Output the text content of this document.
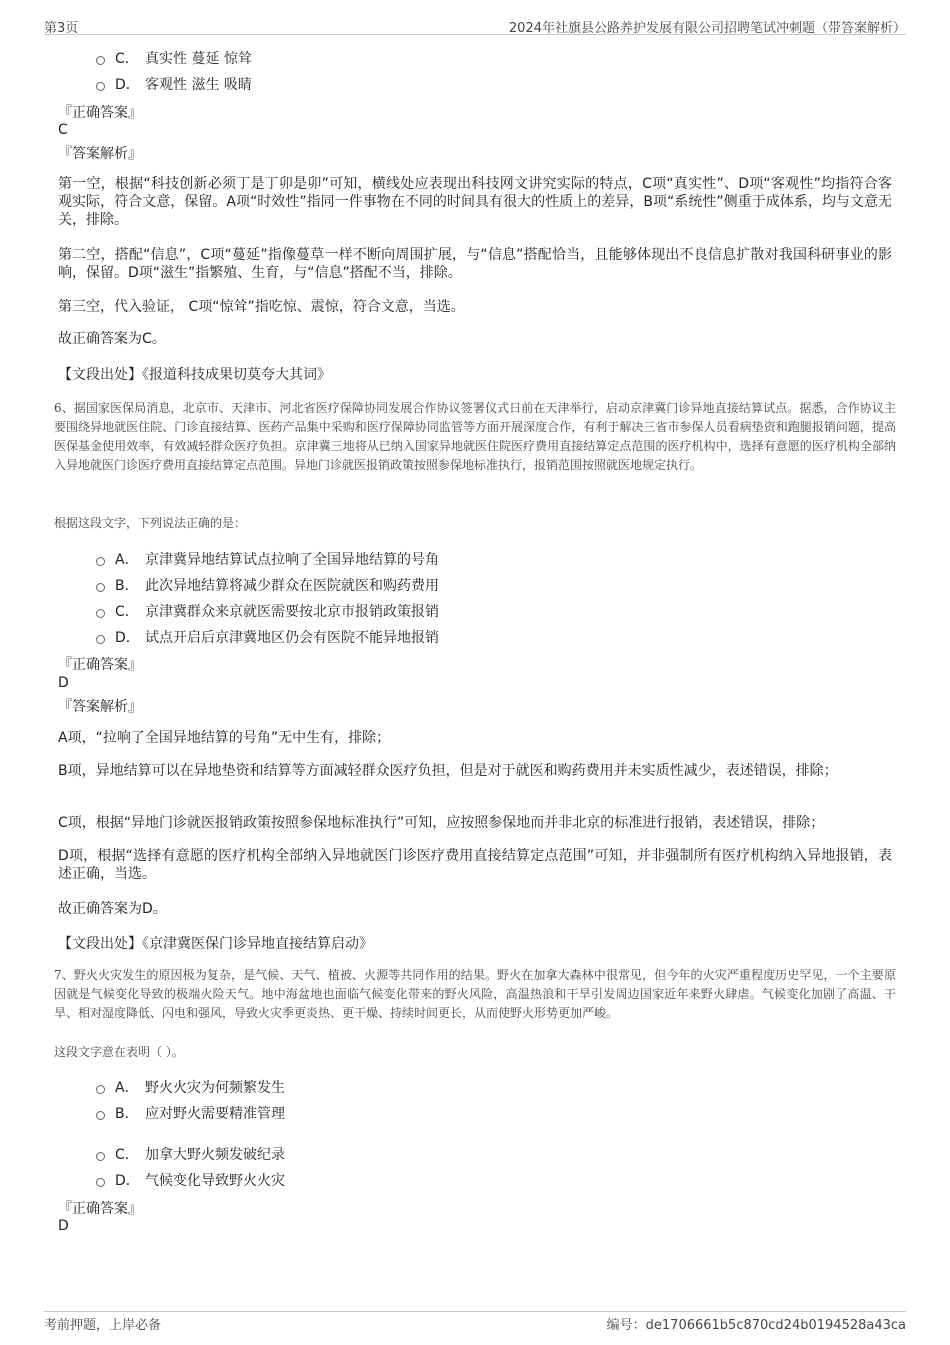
第3页	2024年社旗县公路养护发展有限公司招聘笔试冲刺题（带答案解析）
C． 真实性 蔓延 惊耸
D． 客观性 滋生 吸睛
『正确答案』
C
『答案解析』
第一空，根据“科技创新必须丁是丁卯是卯”可知，横线处应表现出科技网文讲究实际的特点，C项“真实性”、D项“客观性”均指符合客观实际，符合文意，保留。A项“时效性”指同一件事物在不同的时间具有很大的性质上的差异，B项“系统性”侧重于成体系，均与文意无关，排除。
第二空，搭配“信息”，C项“蔓延”指像蔓草一样不断向周围扩展，与“信息”搭配恰当，且能够体现出不良信息扩散对我国科研事业的影响，保留。D项“滋生”指繁殖、生育，与“信息”搭配不当，排除。
第三空，代入验证， C项“惊耸”指吃惊、震惊，符合文意，当选。
故正确答案为C。
【文段出处】《报道科技成果切莫夸大其词》
6、据国家医保局消息，北京市、天津市、河北省医疗保障协同发展合作协议签署仪式日前在天津举行，启动京津冀门诊异地直接结算试点。据悉，合作协议主要围绕异地就医住院、门诊直接结算、医药产品集中采购和医疗保障协同监管等方面开展深度合作，有利于解决三省市参保人员看病垫资和跑腿报销问题，提高医保基金使用效率，有效减轻群众医疗负担。京津冀三地将从已纳入国家异地就医住院医疗费用直接结算定点范围的医疗机构中，选择有意愿的医疗机构全部纳入异地就医门诊医疗费用直接结算定点范围。异地门诊就医报销政策按照参保地标准执行，报销范围按照就医地规定执行。
根据这段文字，下列说法正确的是：
A． 京津冀异地结算试点拉响了全国异地结算的号角
B． 此次异地结算将减少群众在医院就医和购药费用
C． 京津冀群众来京就医需要按北京市报销政策报销
D． 试点开启后京津冀地区仍会有医院不能异地报销
『正确答案』
D
『答案解析』
A项，“拉响了全国异地结算的号角”无中生有，排除；
B项，异地结算可以在异地垫资和结算等方面减轻群众医疗负担，但是对于就医和购药费用并未实质性减少，表述错误，排除；
C项，根据“异地门诊就医报销政策按照参保地标准执行”可知，应按照参保地而并非北京的标准进行报销，表述错误，排除；
D项，根据“选择有意愿的医疗机构全部纳入异地就医门诊医疗费用直接结算定点范围”可知，并非强制所有医疗机构纳入异地报销，表述正确，当选。
故正确答案为D。
【文段出处】《京津冀医保门诊异地直接结算启动》
7、野火火灾发生的原因极为复杂，是气候、天气、植被、火源等共同作用的结果。野火在加拿大森林中很常见，但今年的火灾严重程度历史罕见，一个主要原因就是气候变化导致的极端火险天气。地中海盆地也面临气候变化带来的野火风险，高温热浪和干旱引发周边国家近年来野火肆虐。气候变化加剧了高温、干旱、相对湿度降低、闪电和强风，导致火灾季更炎热、更干燥、持续时间更长，从而使野火形势更加严峻。
这段文字意在表明（ ）。
A． 野火火灾为何频繁发生
B． 应对野火需要精准管理
C． 加拿大野火频发破纪录
D． 气候变化导致野火火灾
『正确答案』
D
考前押题，上岸必备	编号：de1706661b5c870cd24b0194528a43ca
